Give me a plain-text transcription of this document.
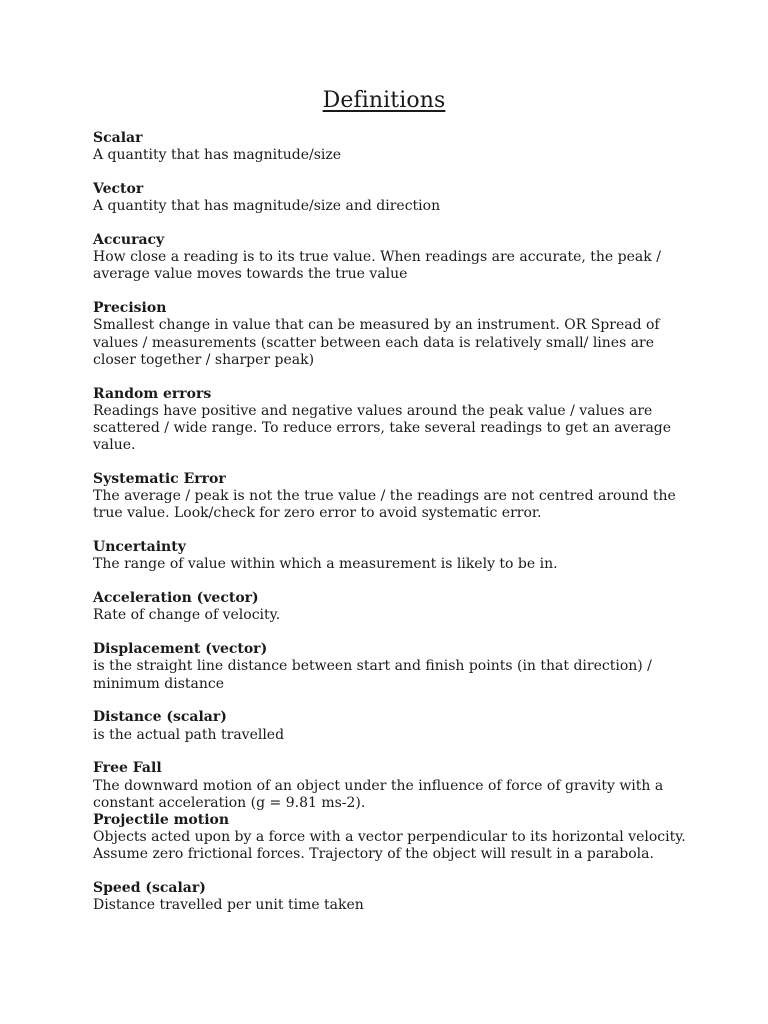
Definitions
Scalar
A quantity that has magnitude/size
Vector
A quantity that has magnitude/size and direction
Accuracy
How close a reading is to its true value. When readings are accurate, the peak / average value moves towards the true value
Precision
Smallest change in value that can be measured by an instrument. OR Spread of values / measurements (scatter between each data is relatively small/ lines are closer together / sharper peak)
Random errors
Readings have positive and negative values around the peak value / values are scattered / wide range. To reduce errors, take several readings to get an average value.
Systematic Error
The average / peak is not the true value / the readings are not centred around the true value. Look/check for zero error to avoid systematic error.
Uncertainty
The range of value within which a measurement is likely to be in.
Acceleration (vector)
Rate of change of velocity.
Displacement (vector)
is the straight line distance between start and finish points (in that direction) / minimum distance
Distance (scalar)
is the actual path travelled
Free Fall
The downward motion of an object under the influence of force of gravity with a constant acceleration (g = 9.81 ms-2).
Projectile motion
Objects acted upon by a force with a vector perpendicular to its horizontal velocity. Assume zero frictional forces. Trajectory of the object will result in a parabola.
Speed (scalar)
Distance travelled per unit time taken
